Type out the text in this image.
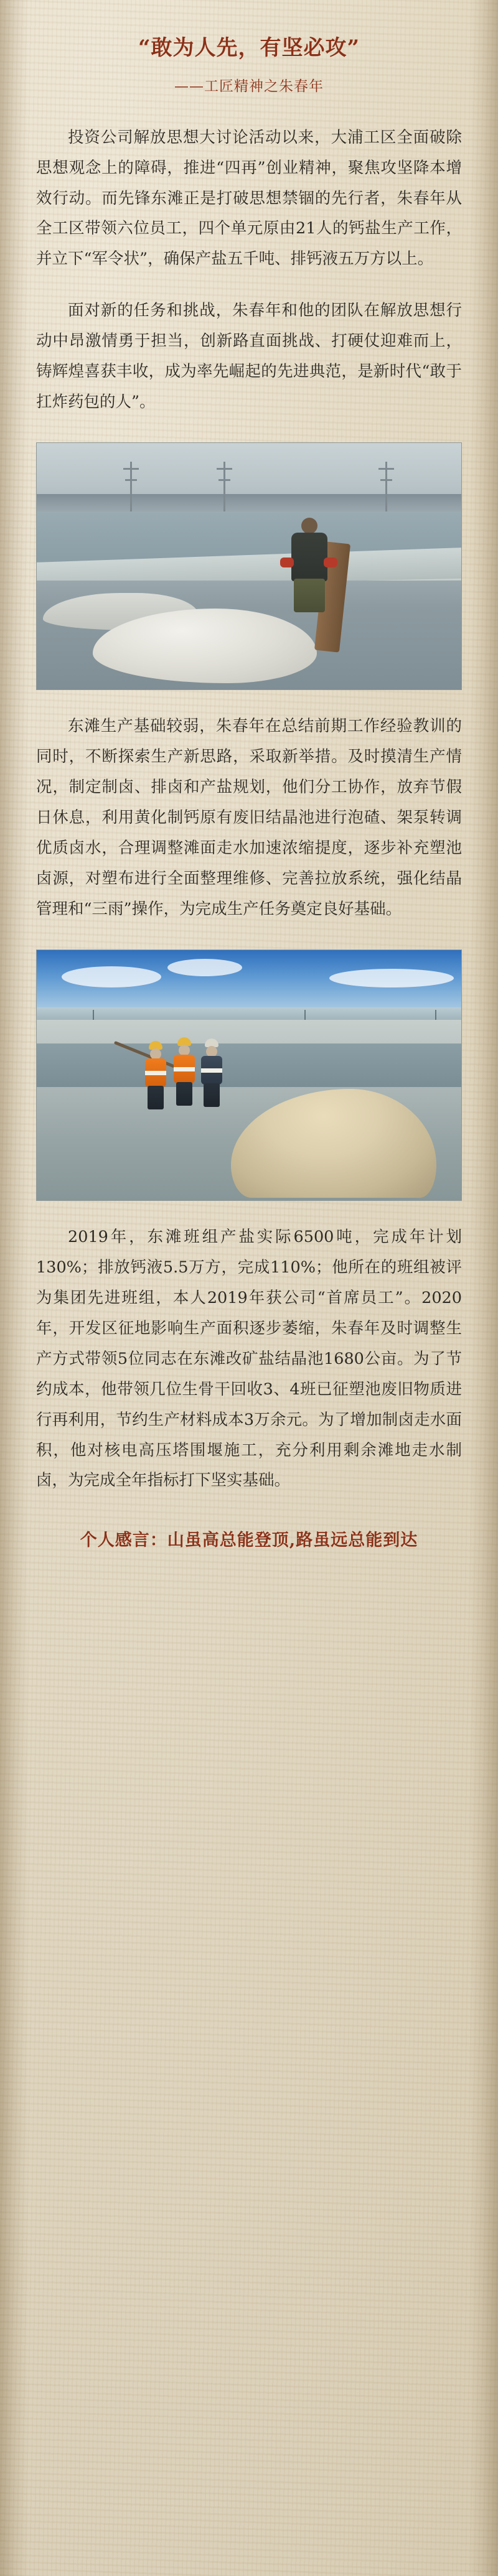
“敢为人先，有坚必攻”
——工匠精神之朱春年

投资公司解放思想大讨论活动以来，大浦工区全面破除思想观念上的障碍，推进“四再”创业精神，聚焦攻坚降本增效行动。而先锋东滩正是打破思想禁锢的先行者，朱春年从全工区带领六位员工，四个单元原由21人的钙盐生产工作，并立下“军令状”，确保产盐五千吨、排钙液五万方以上。

面对新的任务和挑战，朱春年和他的团队在解放思想行动中昂激情勇于担当，创新路直面挑战、打硬仗迎难而上，铸辉煌喜获丰收，成为率先崛起的先进典范，是新时代“敢于扛炸药包的人”。

东滩生产基础较弱，朱春年在总结前期工作经验教训的同时，不断探索生产新思路，采取新举措。及时摸清生产情况，制定制卤、排卤和产盐规划，他们分工协作，放弃节假日休息，利用黄化制钙原有废旧结晶池进行泡碴、架泵转调优质卤水，合理调整滩面走水加速浓缩提度，逐步补充塑池卤源，对塑布进行全面整理维修、完善拉放系统，强化结晶管理和“三雨”操作，为完成生产任务奠定良好基础。

2019年，东滩班组产盐实际6500吨，完成年计划130%；排放钙液5.5万方，完成110%；他所在的班组被评为集团先进班组，本人2019年获公司“首席员工”。2020年，开发区征地影响生产面积逐步萎缩，朱春年及时调整生产方式带领5位同志在东滩改矿盐结晶池1680公亩。为了节约成本，他带领几位生骨干回收3、4班已征塑池废旧物质进行再利用，节约生产材料成本3万余元。为了增加制卤走水面积，他对核电高压塔围堰施工，充分利用剩余滩地走水制卤，为完成全年指标打下坚实基础。

个人感言：山虽高总能登顶,路虽远总能到达
